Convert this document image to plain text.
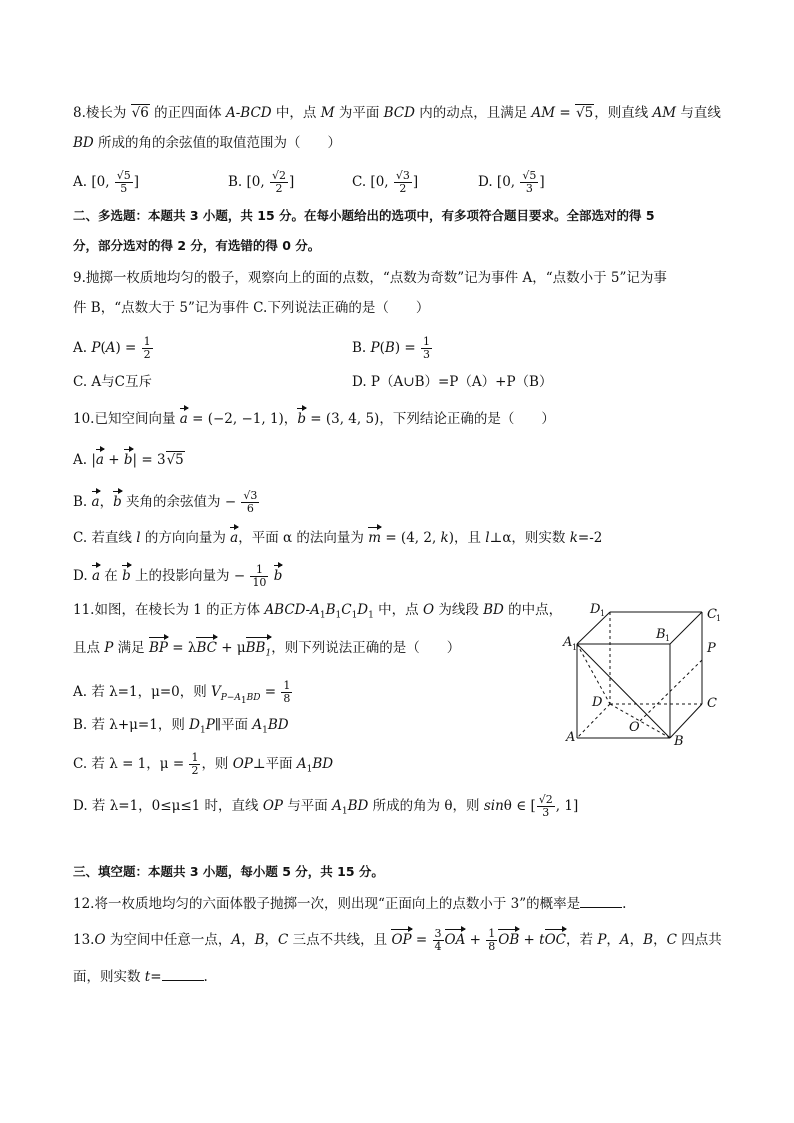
8.棱长为 √6 的正四面体 A-BCD 中，点 M 为平面 BCD 内的动点，且满足 AM = √5，则直线 AM 与直线
BD 所成的角的余弦值的取值范围为（　　）
A. [0, $\frac{√5}{5}$ ]	B. [0, $\frac{√2}{2}$ ]	C. [0, $\frac{√3}{2}$ ]	D. [0, $\frac{√5}{3}$ ]
二、多选题：本题共 3 小题，共 15 分。在每小题给出的选项中，有多项符合题目要求。全部选对的得 5
分，部分选对的得 2 分，有选错的得 0 分。
9.抛掷一枚质地均匀的骰子，观察向上的面的点数，“点数为奇数”记为事件 A，“点数小于 5”记为事
件 B，“点数大于 5”记为事件 C.下列说法正确的是（　　）
A. $P(A) = \frac{1}{2}$	B. $P(B) = \frac{1}{3}$
C. A与C互斥	D. P（A∪B）=P（A）+P（B）
10.已知空间向量 a = (−2, −1, 1)，b = (3, 4, 5)，下列结论正确的是（　　）
A. |a + b| = 3√5
B. a，b 夹角的余弦值为 − $\frac{√3}{6}$
C. 若直线 l 的方向向量为 a，平面 α 的法向量为 m = (4, 2, k)，且 l⊥α，则实数 k=-2
D. a 在 b 上的投影向量为 − $\frac{1}{10}$ b
11.如图，在棱长为 1 的正方体 ABCD-$A_1B_1C_1D_1$ 中，点 O 为线段 BD 的中点，
且点 P 满足 BP = λBC + μBB$_1$，则下列说法正确的是（　　）
A. 若 λ=1，μ=0，则 $V_{P-A_1BD} = \frac{1}{8}$
B. 若 λ+μ=1，则 $D_1P\parallel$平面 $A_1BD$
C. 若 λ = 1，$\mu = \frac{1}{2}$ ，则 OP⊥平面 $A_1BD$
D. 若 λ=1，0≤μ≤1 时，直线 OP 与平面 $A_1BD$ 所成的角为 θ，则 sinθ ∈ [ $\frac{√2}{3}$ , 1]
D 1	C 1
A 1
B 1
P
D	C
A
O
B
三、填空题：本题共 3 小题，每小题 5 分，共 15 分。
12.将一枚质地均匀的六面体骰子抛掷一次，则出现“正面向上的点数小于 3”的概率是	.
13.O 为空间中任意一点，A，B，C 三点不共线，且 OP = $\frac{3}{4}$ OA + $\frac{1}{8}$ OB + tOC，若 P，A，B，C 四点共
面，则实数 t=	.
